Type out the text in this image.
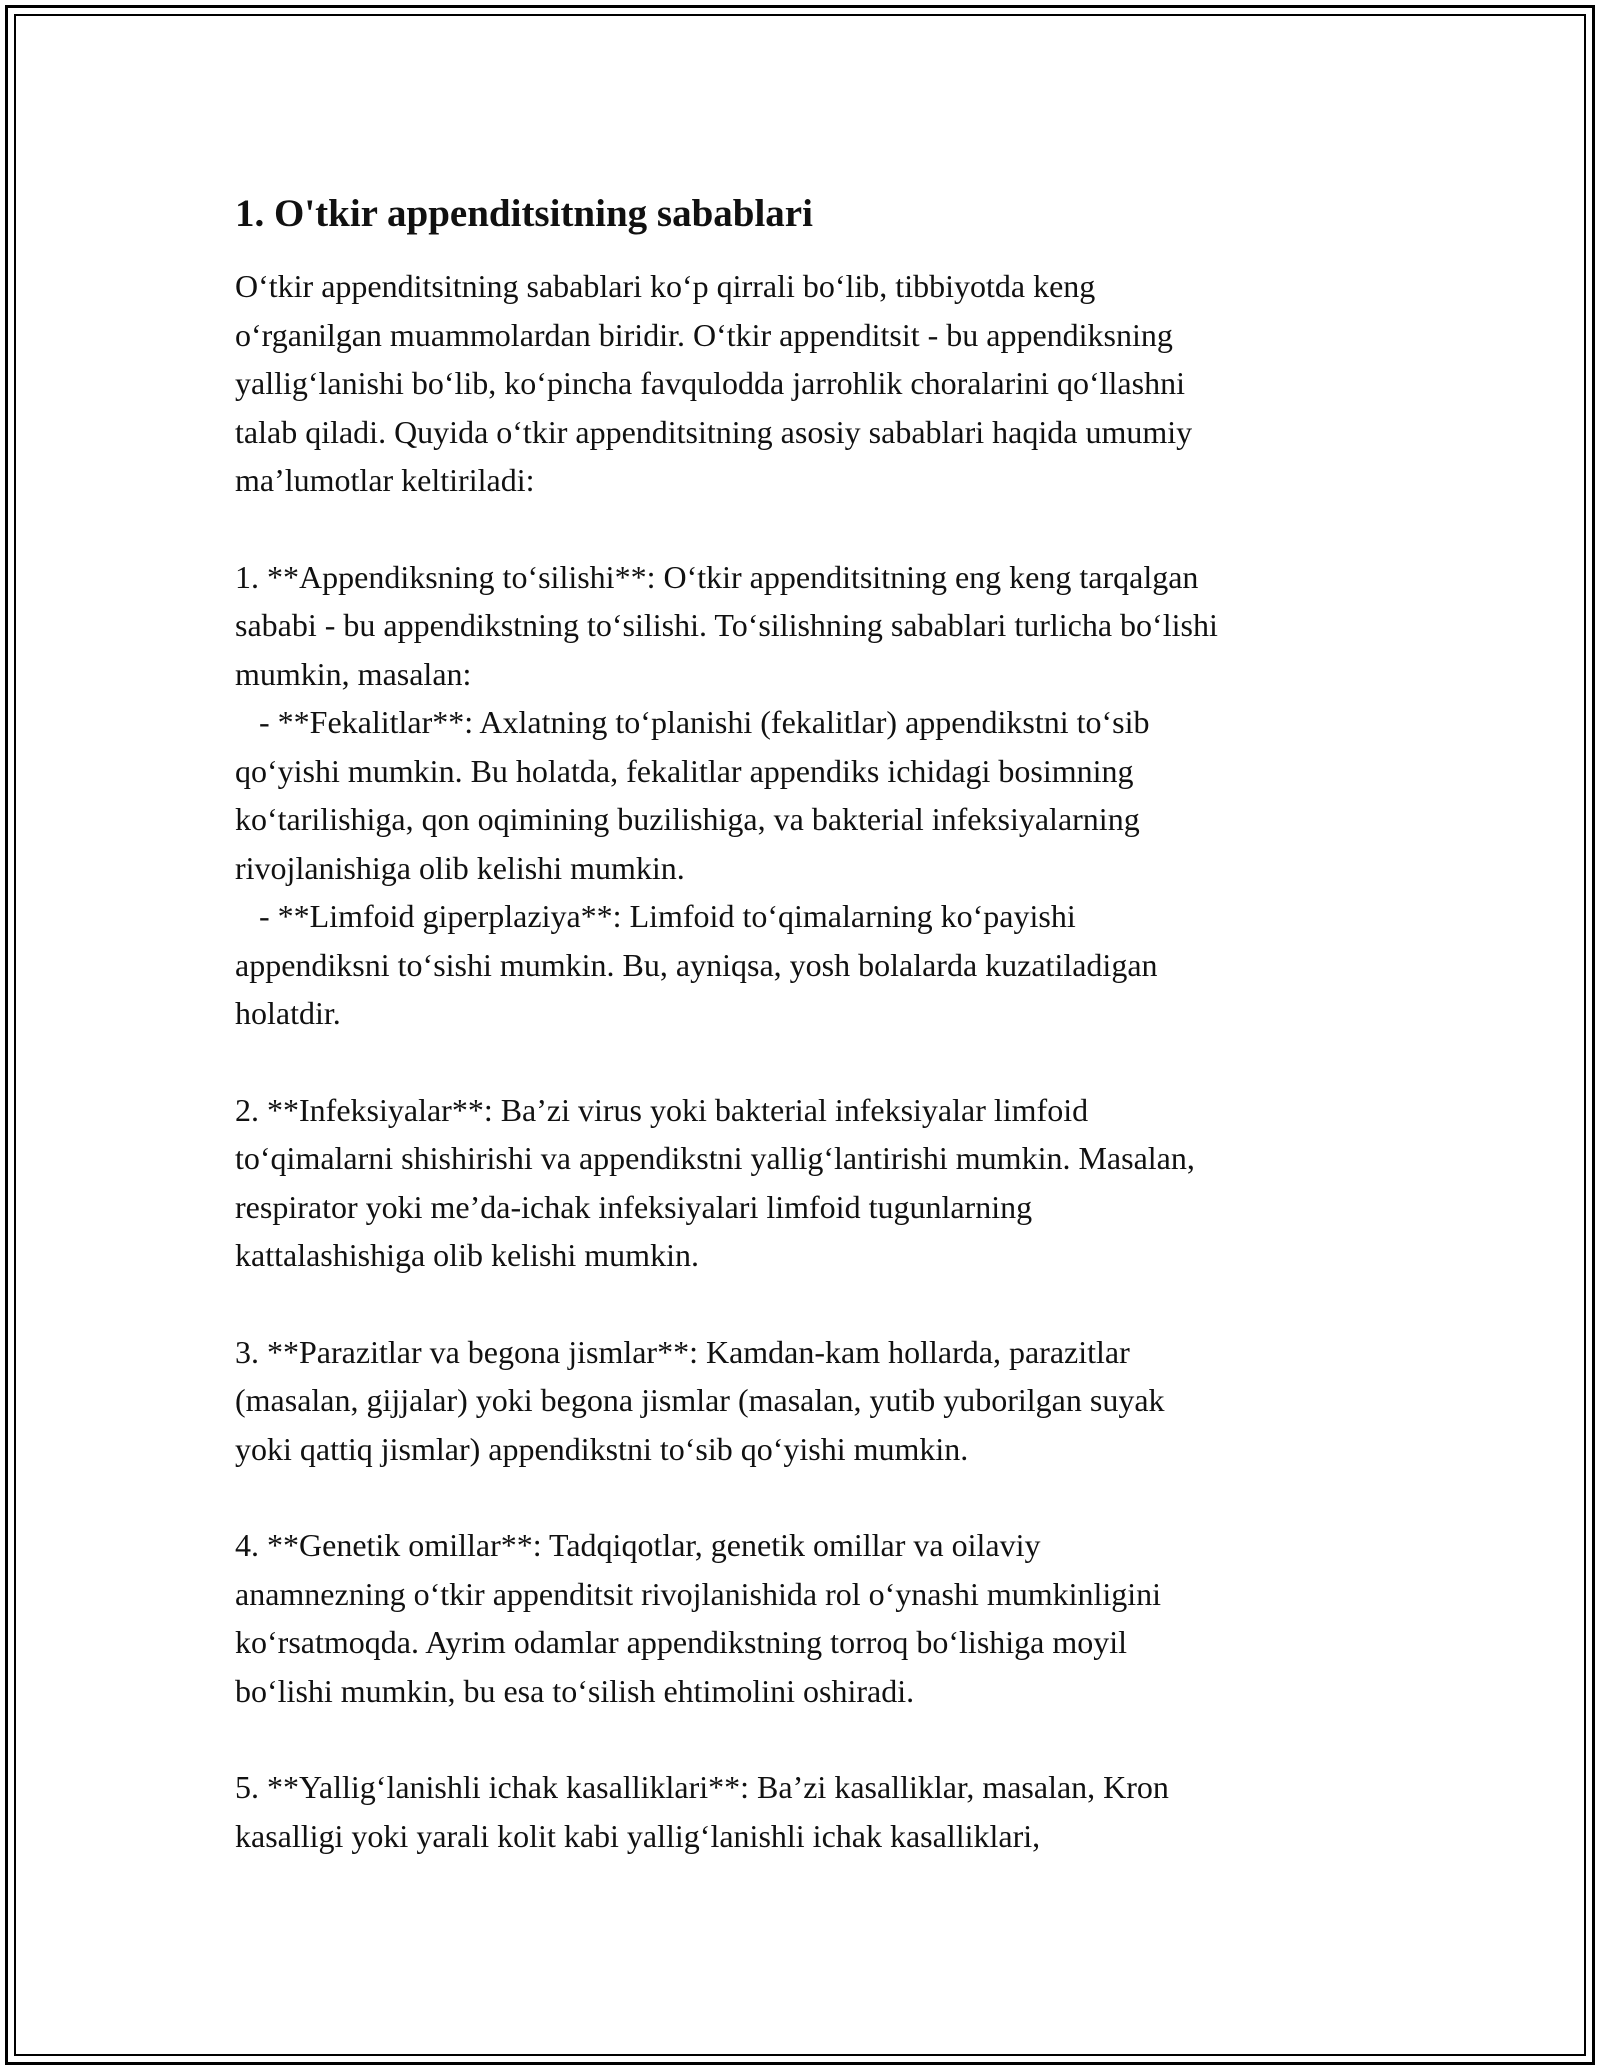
1. O'tkir appenditsitning sabablari
O‘tkir appenditsitning sabablari ko‘p qirrali bo‘lib, tibbiyotda keng
o‘rganilgan muammolardan biridir. O‘tkir appenditsit - bu appendiksning
yallig‘lanishi bo‘lib, ko‘pincha favqulodda jarrohlik choralarini qo‘llashni
talab qiladi. Quyida o‘tkir appenditsitning asosiy sabablari haqida umumiy
ma’lumotlar keltiriladi:
1. **Appendiksning to‘silishi**: O‘tkir appenditsitning eng keng tarqalgan
sababi - bu appendikstning to‘silishi. To‘silishning sabablari turlicha bo‘lishi
mumkin, masalan:
- **Fekalitlar**: Axlatning to‘planishi (fekalitlar) appendikstni to‘sib
qo‘yishi mumkin. Bu holatda, fekalitlar appendiks ichidagi bosimning
ko‘tarilishiga, qon oqimining buzilishiga, va bakterial infeksiyalarning
rivojlanishiga olib kelishi mumkin.
- **Limfoid giperplaziya**: Limfoid to‘qimalarning ko‘payishi
appendiksni to‘sishi mumkin. Bu, ayniqsa, yosh bolalarda kuzatiladigan
holatdir.
2. **Infeksiyalar**: Ba’zi virus yoki bakterial infeksiyalar limfoid
to‘qimalarni shishirishi va appendikstni yallig‘lantirishi mumkin. Masalan,
respirator yoki me’da-ichak infeksiyalari limfoid tugunlarning
kattalashishiga olib kelishi mumkin.
3. **Parazitlar va begona jismlar**: Kamdan-kam hollarda, parazitlar
(masalan, gijjalar) yoki begona jismlar (masalan, yutib yuborilgan suyak
yoki qattiq jismlar) appendikstni to‘sib qo‘yishi mumkin.
4. **Genetik omillar**: Tadqiqotlar, genetik omillar va oilaviy
anamnezning o‘tkir appenditsit rivojlanishida rol o‘ynashi mumkinligini
ko‘rsatmoqda. Ayrim odamlar appendikstning torroq bo‘lishiga moyil
bo‘lishi mumkin, bu esa to‘silish ehtimolini oshiradi.
5. **Yallig‘lanishli ichak kasalliklari**: Ba’zi kasalliklar, masalan, Kron
kasalligi yoki yarali kolit kabi yallig‘lanishli ichak kasalliklari,
